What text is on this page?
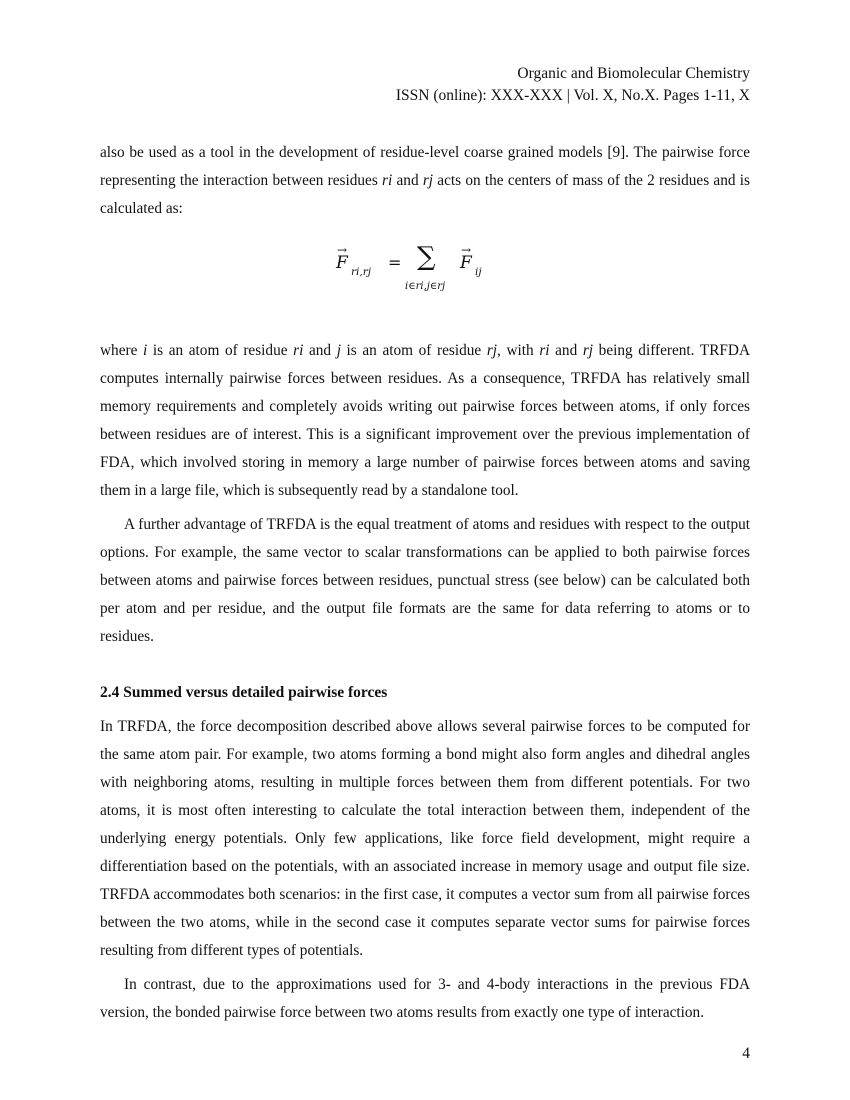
Organic and Biomolecular Chemistry
ISSN (online): XXX-XXX | Vol. X, No.X. Pages 1-11, X

also be used as a tool in the development of residue-level coarse grained models [9]. The pairwise force representing the interaction between residues ri and rj acts on the centers of mass of the 2 residues and is calculated as:

→
F ri,rj = ∑
i∈ri,j∈rj
→
F ij

where i is an atom of residue ri and j is an atom of residue rj, with ri and rj being different. TRFDA computes internally pairwise forces between residues. As a consequence, TRFDA has relatively small memory requirements and completely avoids writing out pairwise forces between atoms, if only forces between residues are of interest. This is a significant improvement over the previous implementation of FDA, which involved storing in memory a large number of pairwise forces between atoms and saving them in a large file, which is subsequently read by a standalone tool.

A further advantage of TRFDA is the equal treatment of atoms and residues with respect to the output options. For example, the same vector to scalar transformations can be applied to both pairwise forces between atoms and pairwise forces between residues, punctual stress (see below) can be calculated both per atom and per residue, and the output file formats are the same for data referring to atoms or to residues.

2.4 Summed versus detailed pairwise forces

In TRFDA, the force decomposition described above allows several pairwise forces to be computed for the same atom pair. For example, two atoms forming a bond might also form angles and dihedral angles with neighboring atoms, resulting in multiple forces between them from different potentials. For two atoms, it is most often interesting to calculate the total interaction between them, independent of the underlying energy potentials. Only few applications, like force field development, might require a differentiation based on the potentials, with an associated increase in memory usage and output file size. TRFDA accommodates both scenarios: in the first case, it computes a vector sum from all pairwise forces between the two atoms, while in the second case it computes separate vector sums for pairwise forces resulting from different types of potentials.

In contrast, due to the approximations used for 3- and 4-body interactions in the previous FDA version, the bonded pairwise force between two atoms results from exactly one type of interaction.

4
